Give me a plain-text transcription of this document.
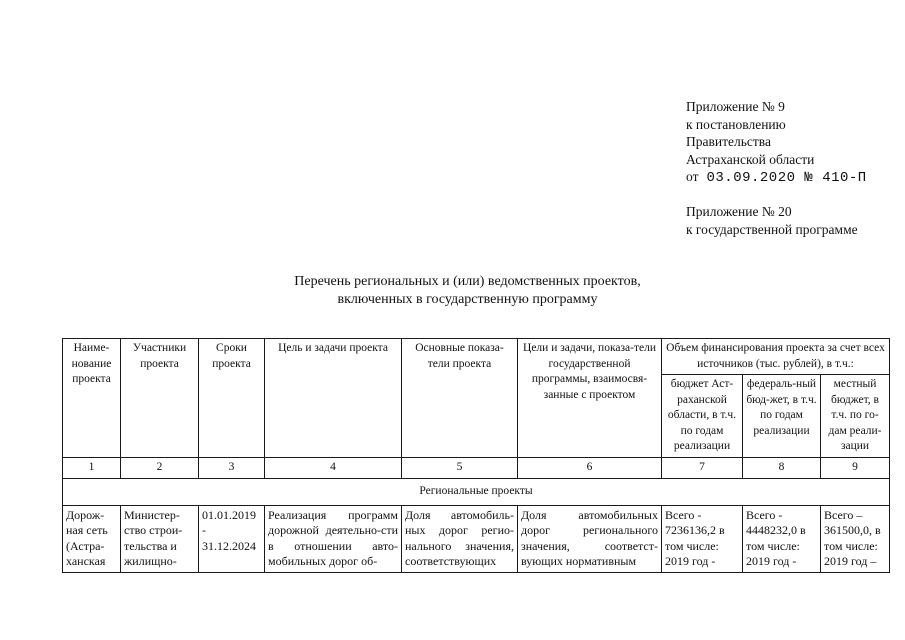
Приложение № 9
к постановлению
Правительства
Астраханской области
от 03.09.2020 № 410-П
Приложение № 20
к государственной программе
Перечень региональных и (или) ведомственных проектов,
включенных в государственную программу
Наиме-нование проекта	Участники проекта	Сроки проекта	Цель и задачи проекта	Основные показа-тели проекта	Цели и задачи, показа-тели государственной программы, взаимосвя-занные с проектом	Объем финансирования проекта за счет всех источников (тыс. рублей), в т.ч.:		
						бюджет Аст-раханской области, в т.ч. по годам реализации	федераль-ный бюд-жет, в т.ч. по годам реализации	местный бюджет, в т.ч. по го-дам реали-зации
1	2	3	4	5	6	7	8	9
Региональные проекты								
Дорож-ная сеть (Астра-ханская	Министер-ство строи-тельства и жилищно-	01.01.2019 - 31.12.2024	Реализация программ дорожной деятельно-сти в отношении авто-мобильных дорог об-	Доля автомобиль-ных дорог регио-нального значения, соответствующих	Доля автомобильных дорог регионального значения, соответст-вующих нормативным	Всего - 7236136,2 в том числе: 2019 год -	Всего - 4448232,0 в том числе: 2019 год -	Всего – 361500,0, в том числе: 2019 год –
